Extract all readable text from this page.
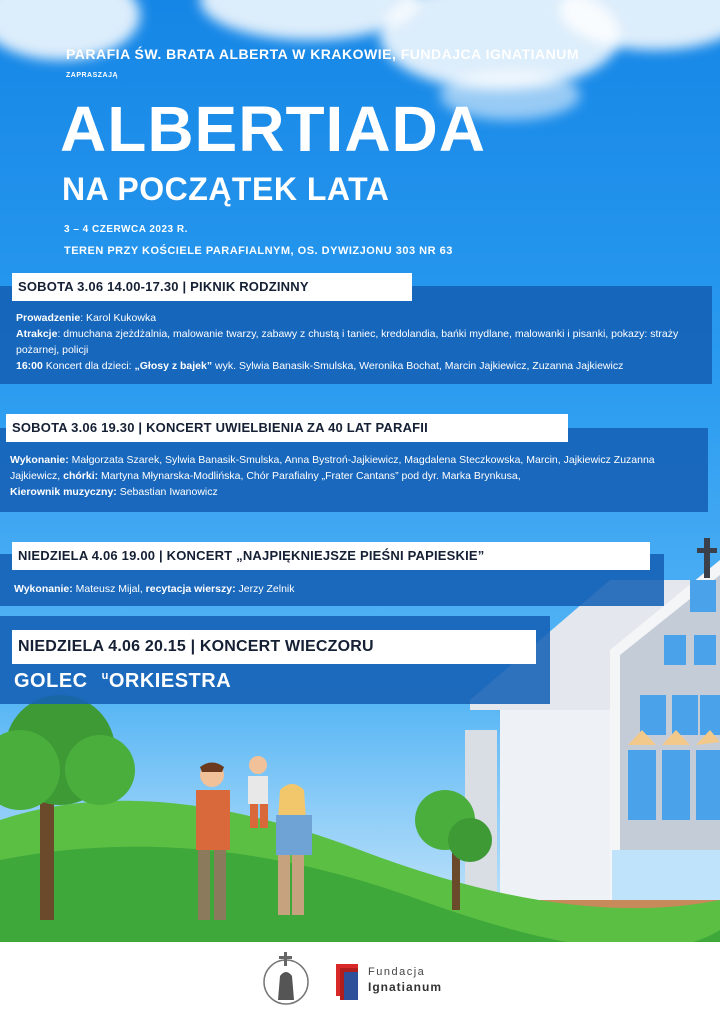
PARAFIA ŚW. BRATA ALBERTA W KRAKOWIE, FUNDAJCA IGNATIANUM
ZAPRASZAJĄ
ALBERTIADA
NA POCZĄTEK LATA
3 – 4 CZERWCA 2023 R.
TEREN PRZY KOŚCIELE PARAFIALNYM, OS. DYWIZJONU 303 NR 63
SOBOTA 3.06 14.00-17.30 | PIKNIK RODZINNY
Prowadzenie: Karol Kukowka
Atrakcje: dmuchana zjeżdżalnia, malowanie twarzy, zabawy z chustą i taniec, kredolandia, bańki mydlane, malowanki i pisanki, pokazy: straży pożarnej, policji
16:00 Koncert dla dzieci: „Głosy z bajek” wyk. Sylwia Banasik-Smulska, Weronika Bochat, Marcin Jajkiewicz, Zuzanna Jajkiewicz
SOBOTA 3.06 19.30 | KONCERT UWIELBIENIA ZA 40 LAT PARAFII
Wykonanie: Małgorzata Szarek, Sylwia Banasik-Smulska, Anna Bystroń-Jajkiewicz, Magdalena Steczkowska, Marcin, Jajkiewicz Zuzanna Jajkiewicz, chórki: Martyna Młynarska-Modlińska, Chór Parafialny „Frater Cantans” pod dyr. Marka Brynkusa,
Kierownik muzyczny: Sebastian Iwanowicz
NIEDZIELA 4.06 19.00 | KONCERT „NAJPIĘKNIEJSZE PIEŚNI PAPIESKIE”
Wykonanie: Mateusz Mijal, recytacja wierszy: Jerzy Zelnik
NIEDZIELA 4.06 20.15 | KONCERT WIECZORU
GOLEC $^u$ORKIESTRA
Fundacja
Ignatianum
